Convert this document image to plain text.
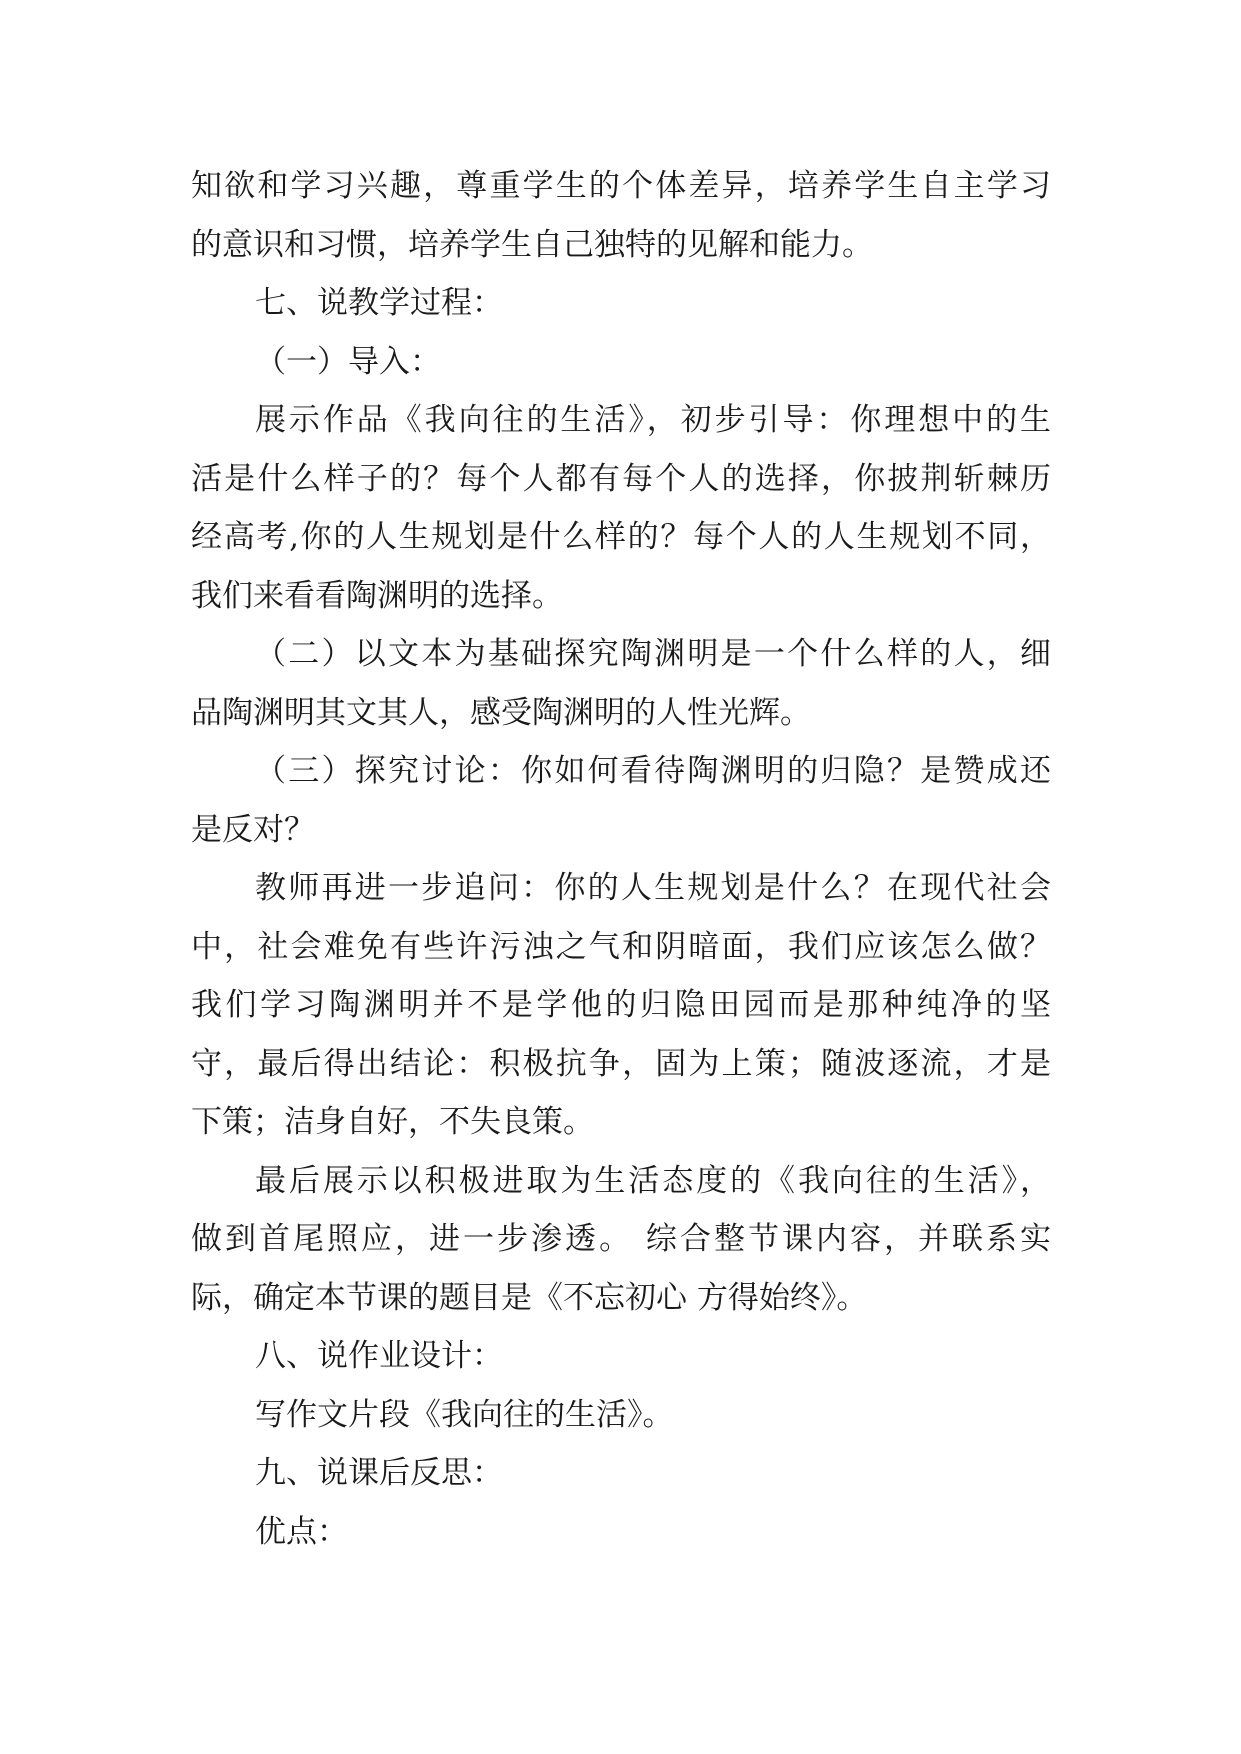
知欲和学习兴趣，尊重学生的个体差异，培养学生自主学习
的意识和习惯，培养学生自己独特的见解和能力。
七、说教学过程：
（一）导入：
展示作品《我向往的生活》，初步引导：你理想中的生
活是什么样子的？每个人都有每个人的选择，你披荆斩棘历
经高考,你的人生规划是什么样的？每个人的人生规划不同，
我们来看看陶渊明的选择。
（二）以文本为基础探究陶渊明是一个什么样的人，细
品陶渊明其文其人，感受陶渊明的人性光辉。
（三）探究讨论：你如何看待陶渊明的归隐？是赞成还
是反对？
教师再进一步追问：你的人生规划是什么？在现代社会
中，社会难免有些许污浊之气和阴暗面，我们应该怎么做？
我们学习陶渊明并不是学他的归隐田园而是那种纯净的坚
守，最后得出结论：积极抗争，固为上策；随波逐流，才是
下策；洁身自好，不失良策。
最后展示以积极进取为生活态度的《我向往的生活》，
做到首尾照应，进一步渗透。 综合整节课内容，并联系实
际，确定本节课的题目是《不忘初心 方得始终》。
八、说作业设计：
写作文片段《我向往的生活》。
九、说课后反思：
优点：
